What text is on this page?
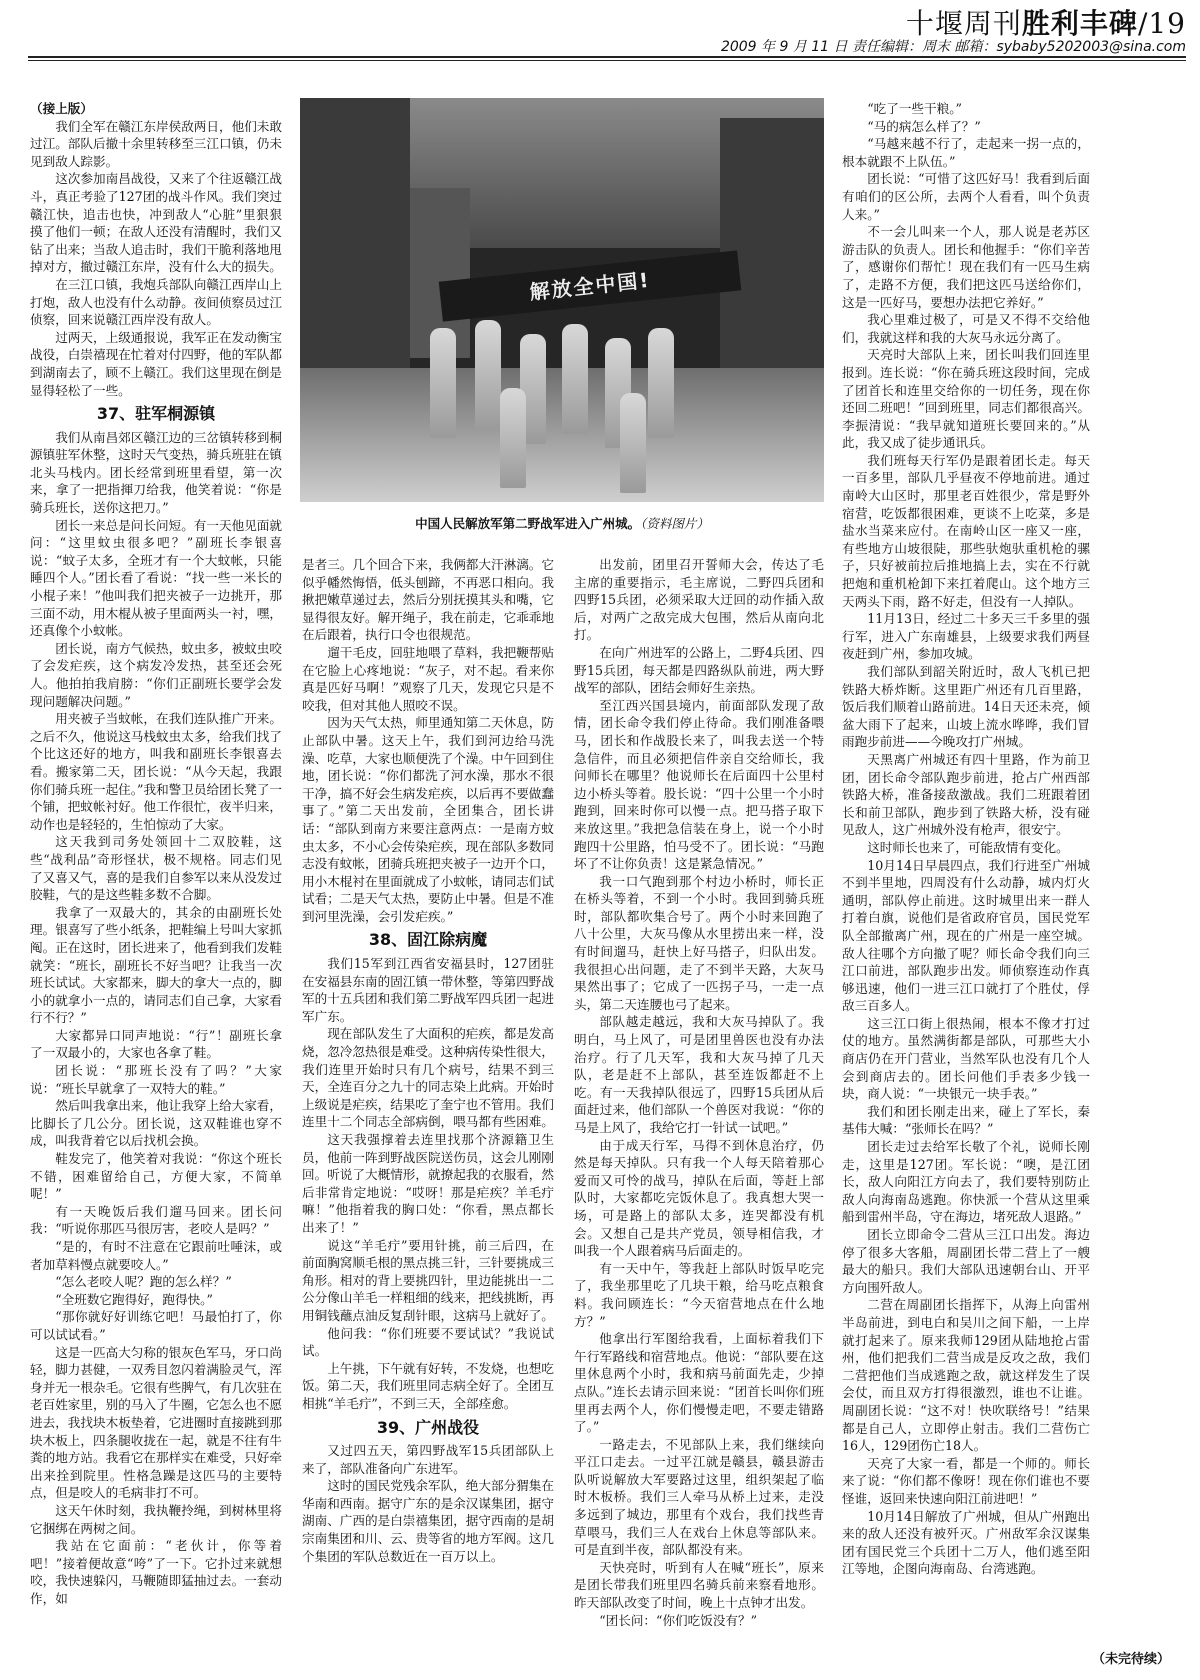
十堰周刊胜利丰碑/19
2009 年 9 月 11 日 责任编辑：周末 邮箱：sybaby5202003@sina.com
解放全中国!
中国人民解放军第二野战军进入广州城。（资料图片）

（接上版）

我们全军在赣江东岸侯敌两日，他们未敢过江。部队后撤十余里转移至三江口镇，仍未见到敌人踪影。

这次参加南昌战役，又来了个往返赣江战斗，真正考验了127团的战斗作风。我们突过赣江快，追击也快，冲到敌人“心脏”里狠狠摸了他们一顿；在敌人还没有清醒时，我们又钻了出来；当敌人追击时，我们干脆利落地甩掉对方，撤过赣江东岸，没有什么大的损失。

在三江口镇，我炮兵部队向赣江西岸山上打炮，敌人也没有什么动静。夜间侦察员过江侦察，回来说赣江西岸没有敌人。

过两天，上级通报说，我军正在发动衡宝战役，白崇禧现在忙着对付四野，他的军队都到湖南去了，顾不上赣江。我们这里现在倒是显得轻松了一些。

37、驻军桐源镇

我们从南昌郊区赣江边的三岔镇转移到桐源镇驻军休整，这时天气变热，骑兵班驻在镇北头马栈内。团长经常到班里看望，第一次来，拿了一把指揮刀给我，他笑着说：“你是骑兵班长，送你这把刀。”

团长一来总是问长问短。有一天他见面就问：“这里蚊虫很多吧？”副班长李银喜说：“蚊子太多，全班才有一个大蚊帐，只能睡四个人。”团长看了看说：“找一些一米长的小棍子来！”他叫我们把夹被子一边挑开，那三面不动，用木棍从被子里面两头一衬，嘿，还真像个小蚊帐。

团长说，南方气候热，蚊虫多，被蚊虫咬了会发疟疾，这个病发冷发热，甚至还会死人。他拍拍我肩膀：“你们正副班长要学会发现问题解决问题。”

用夹被子当蚊帐，在我们连队推广开来。之后不久，他说这马栈蚊虫太多，给我们找了个比这还好的地方，叫我和副班长李银喜去看。搬家第二天，团长说：“从今天起，我跟你们骑兵班一起住。”我和警卫员给团长凳了一个铺，把蚊帐衬好。他工作很忙，夜半归来，动作也是轻轻的，生怕惊动了大家。

这天我到司务处领回十二双胶鞋，这些“战利品”奇形怪状，极不规格。同志们见了又喜又气，喜的是我们自参军以来从没发过胶鞋，气的是这些鞋多数不合脚。

我拿了一双最大的，其余的由副班长处理。银喜写了些小纸条，把鞋编上号叫大家抓阄。正在这时，团长进来了，他看到我们发鞋就笑：“班长，副班长不好当吧？让我当一次班长试试。大家都来，脚大的拿大一点的，脚小的就拿小一点的，请同志们自己拿，大家看行不行？”

大家都异口同声地说：“行”！副班长拿了一双最小的，大家也各拿了鞋。

团长说：“那班长没有了吗？”大家说：“班长早就拿了一双特大的鞋。”

然后叫我拿出来，他让我穿上给大家看，比脚长了几公分。团长说，这双鞋谁也穿不成，叫我背着它以后找机会换。

鞋发完了，他笑着对我说：“你这个班长不错，困难留给自己，方便大家，不简单呢！”

有一天晚饭后我们遛马回来。团长问我：“听说你那匹马很厉害，老咬人是吗？”

“是的，有时不注意在它跟前吐唾沫，或者加草料慢点就要咬人。”

“怎么老咬人呢？跑的怎么样？”

“全班数它跑得好，跑得快。”

“那你就好好训练它吧！马最怕打了，你可以试试看。”

这是一匹高大匀称的银灰色军马，牙口尚轻，脚力甚健，一双秀目忽闪着满脸灵气，浑身并无一根杂毛。它很有些脾气，有几次驻在老百姓家里，别的马入了牛圈，它怎么也不愿进去，我找块木板垫着，它进圈时直接跳到那块木板上，四条腿收拢在一起，就是不往有牛粪的地方站。我看它在那样实在难受，只好牵出来拴到院里。性格急躁是这匹马的主要特点，但是咬人的毛病非打不可。

这天午休时刻，我执鞭拎绳，到树林里将它捆绑在两树之间。

我站在它面前：“老伙计，你等着吧！”接着便故意“咵”了一下。它扑过来就想咬，我快速躲闪，马鞭随即猛抽过去。一套动作，如

是者三。几个回合下来，我俩都大汗淋漓。它似乎幡然悔悟，低头刨蹄，不再恶口相向。我揪把嫩草递过去，然后分别抚摸其头和嘴，它显得很友好。解开绳子，我在前走，它乖乖地在后跟着，执行口令也很规范。

遛干毛皮，回驻地喂了草料，我把鞭帮贴在它脸上心疼地说：“灰子，对不起。看来你真是匹好马啊！”观察了几天，发现它只是不咬我，但对其他人照咬不误。

因为天气太热，师里通知第二天休息，防止部队中暑。这天上午，我们到河边给马洗澡、吃草，大家也顺便洗了个澡。中午回到住地，团长说：“你们都洗了河水澡，那水不很干净，搞不好会生病发疟疾，以后再不要做蠢事了。”第二天出发前，全团集合，团长讲话：“部队到南方来要注意两点：一是南方蚊虫太多，不小心会传染疟疾，现在部队多数同志没有蚊帐，团骑兵班把夹被子一边开个口，用小木棍衬在里面就成了小蚊帐，请同志们试试看；二是天气太热，要防止中暑。但是不准到河里洗澡，会引发疟疾。”

38、固江除病魔

我们15军到江西省安福县时，127团驻在安福县东南的固江镇一带休整，等第四野战军的十五兵团和我们第二野战军四兵团一起进军广东。

现在部队发生了大面积的疟疾，都是发高烧，忽冷忽热很是难受。这种病传染性很大，我们连里开始时只有几个病号，结果不到三天，全连百分之九十的同志染上此病。开始时上级说是疟疾，结果吃了奎宁也不管用。我们连里十二个同志全部病倒，喂马都有些困难。

这天我强撑着去连里找那个济源籍卫生员，他前一阵到野战医院送伤员，这会儿刚刚回。听说了大概情形，就撩起我的衣服看，然后非常肯定地说：“哎呀！那是疟疾？羊毛疔嘛！”他指着我的胸口处：“你看，黑点都长出来了！”

说这“羊毛疔”要用针挑，前三后四，在前面胸窝顺毛根的黑点挑三针，三针要挑成三角形。相对的背上要挑四针，里边能挑出一二公分像山羊毛一样粗细的线来，把线挑断，再用铜钱蘸点油反复刮针眼，这病马上就好了。

他问我：“你们班要不要试试？”我说试试。

上午挑，下午就有好转，不发烧，也想吃饭。第二天，我们班里同志病全好了。全团互相挑“羊毛疔”，不到三天，全部痊愈。

39、广州战役

又过四五天，第四野战军15兵团部队上来了，部队准备向广东进军。

这时的国民党残余军队，绝大部分猬集在华南和西南。据守广东的是余汉谋集团，据守湖南、广西的是白崇禧集团，据守西南的是胡宗南集团和川、云、贵等省的地方军阀。这几个集团的军队总数近在一百万以上。

出发前，团里召开誓师大会，传达了毛主席的重要指示，毛主席说，二野四兵团和四野15兵团，必须采取大迂回的动作插入敌后，对两广之敌完成大包围，然后从南向北打。

在向广州进军的公路上，二野4兵团、四野15兵团，每天都是四路纵队前进，两大野战军的部队，团结会师好生亲热。

至江西兴国县境内，前面部队发现了敌情，团长命令我们停止待命。我们刚准备喂马，团长和作战股长来了，叫我去送一个特急信件，而且必须把信件亲自交给师长，我问师长在哪里？他说师长在后面四十公里村边小桥头等着。股长说：“四十公里一个小时跑到，回来时你可以慢一点。把马搭子取下来放这里。”我把急信装在身上，说一个小时跑四十公里路，怕马受不了。团长说：“马跑坏了不让你负责！这是紧急情况。”

我一口气跑到那个村边小桥时，师长正在桥头等着，不到一个小时。我回到骑兵班时，部队都吹集合号了。两个小时来回跑了八十公里，大灰马像从水里捞出来一样，没有时间遛马，赶快上好马搭子，归队出发。我很担心出问题，走了不到半天路，大灰马果然出事了；它成了一匹拐子马，一走一点头，第二天连腰也弓了起来。

部队越走越远，我和大灰马掉队了。我明白，马上风了，可是团里兽医也没有办法治疗。行了几天军，我和大灰马掉了几天队，老是赶不上部队，甚至连饭都赶不上吃。有一天我掉队很远了，四野15兵团从后面赶过来，他们部队一个兽医对我说：“你的马是上风了，我给它打一针试一试吧。”

由于成天行军，马得不到休息治疗，仍然是每天掉队。只有我一个人每天陪着那心爱而又可怜的战马，掉队在后面，等赶上部队时，大家都吃完饭休息了。我真想大哭一场，可是路上的部队太多，连哭都没有机会。又想自己是共产党员，领导相信我，才叫我一个人跟着病马后面走的。

有一天中午，等我赶上部队时饭早吃完了，我坐那里吃了几块干粮，给马吃点粮食料。我问顾连长：“今天宿营地点在什么地方？”

他拿出行军图给我看，上面标着我们下午行军路线和宿营地点。他说：“部队要在这里休息两个小时，我和病马前面先走，少掉点队。”连长去请示回来说：“团首长叫你们班里再去两个人，你们慢慢走吧，不要走错路了。”

一路走去，不见部队上来，我们继续向平江口走去。一过平江就是赣县，赣县游击队听说解放大军要路过这里，组织架起了临时木板桥。我们三人牵马从桥上过来，走没多远到了城边，那里有个戏台，我们找些青草喂马，我们三人在戏台上休息等部队来。可是直到半夜，部队都没有来。

天快亮时，听到有人在喊“班长”，原来是团长带我们班里四名骑兵前来察看地形。昨天部队改变了时间，晚上十点钟才出发。

“团长问：“你们吃饭没有？”

“吃了一些干粮。”

“马的病怎么样了？”

“马越来越不行了，走起来一拐一点的，根本就跟不上队伍。”

团长说：“可惜了这匹好马！我看到后面有咱们的区公所，去两个人看看，叫个负责人来。”

不一会儿叫来一个人，那人说是老苏区游击队的负责人。团长和他握手：“你们辛苦了，感谢你们帮忙！现在我们有一匹马生病了，走路不方便，我们把这匹马送给你们，这是一匹好马，要想办法把它养好。”

我心里难过极了，可是又不得不交给他们，我就这样和我的大灰马永远分离了。

天亮时大部队上来，团长叫我们回连里报到。连长说：“你在骑兵班这段时间，完成了团首长和连里交给你的一切任务，现在你还回二班吧！”回到班里，同志们都很高兴。李振清说：“我早就知道班长要回来的。”从此，我又成了徒步通讯兵。

我们班每天行军仍是跟着团长走。每天一百多里，部队几乎昼夜不停地前进。通过南岭大山区时，那里老百姓很少，常是野外宿营，吃饭都很困难，更谈不上吃菜，多是盐水当菜来应付。在南岭山区一座又一座，有些地方山坡很陡，那些驮炮驮重机枪的骡子，只好被前拉后推地搞上去，实在不行就把炮和重机枪卸下来扛着爬山。这个地方三天两头下雨，路不好走，但没有一人掉队。

11月13日，经过二十多天三千多里的强行军，进入广东南雄县，上级要求我们两昼夜赶到广州，参加攻城。

我们部队到韶关附近时，敌人飞机已把铁路大桥炸断。这里距广州还有几百里路，饭后我们顺着山路前进。14日天还未亮，倾盆大雨下了起来，山坡上流水哗哗，我们冒雨跑步前进——今晚攻打广州城。

天黑离广州城还有四十里路，作为前卫团，团长命令部队跑步前进，抢占广州西部铁路大桥，准备接敌激战。我们二班跟着团长和前卫部队，跑步到了铁路大桥，没有碰见敌人，这广州城外没有枪声，很安宁。

这时师长也来了，可能敌情有变化。

10月14日早晨四点，我们行进至广州城不到半里地，四周没有什么动静，城内灯火通明，部队停止前进。这时城里出来一群人打着白旗，说他们是省政府官员，国民党军队全部撤离广州，现在的广州是一座空城。敌人往哪个方向撤了呢？师长命令我们向三江口前进，部队跑步出发。师侦察连动作真够迅速，他们一进三江口就打了个胜仗，俘敌三百多人。

这三江口街上很热闹，根本不像才打过仗的地方。虽然满街都是部队，可那些大小商店仍在开门营业，当然军队也没有几个人会到商店去的。团长问他们手表多少钱一块，商人说：“一块银元一块手表。”

我们和团长刚走出来，碰上了军长，秦基伟大喊：“张师长在吗？”

团长走过去给军长敬了个礼，说师长刚走，这里是127团。军长说：“噢，是江团长，敌人向阳江方向去了，我们要特别防止敌人向海南岛逃跑。你快派一个营从这里乘船到雷州半岛，守在海边，堵死敌人退路。”

团长立即命令二营从三江口出发。海边停了很多大客船，周副团长带二营上了一艘最大的船只。我们大部队迅速朝台山、开平方向围歼敌人。

二营在周副团长指挥下，从海上向雷州半岛前进，到电白和吴川之间下船，一上岸就打起来了。原来我师129团从陆地抢占雷州，他们把我们二营当成是反攻之敌，我们二营把他们当成逃跑之敌，就这样发生了误会仗，而且双方打得很激烈，谁也不让谁。周副团长说：“这不对！快吹联络号！”结果都是自己人，立即停止射击。我们二营伤亡16人，129团伤亡18人。

天亮了大家一看，都是一个师的。师长来了说：“你们都不像呀！现在你们谁也不要怪谁，返回来快速向阳江前进吧！”

10月14日解放了广州城，但从广州跑出来的敌人还没有被歼灭。广州敌军余汉谋集团有国民党三个兵团十二万人，他们逃至阳江等地，企图向海南岛、台湾逃跑。

（未完待续）
